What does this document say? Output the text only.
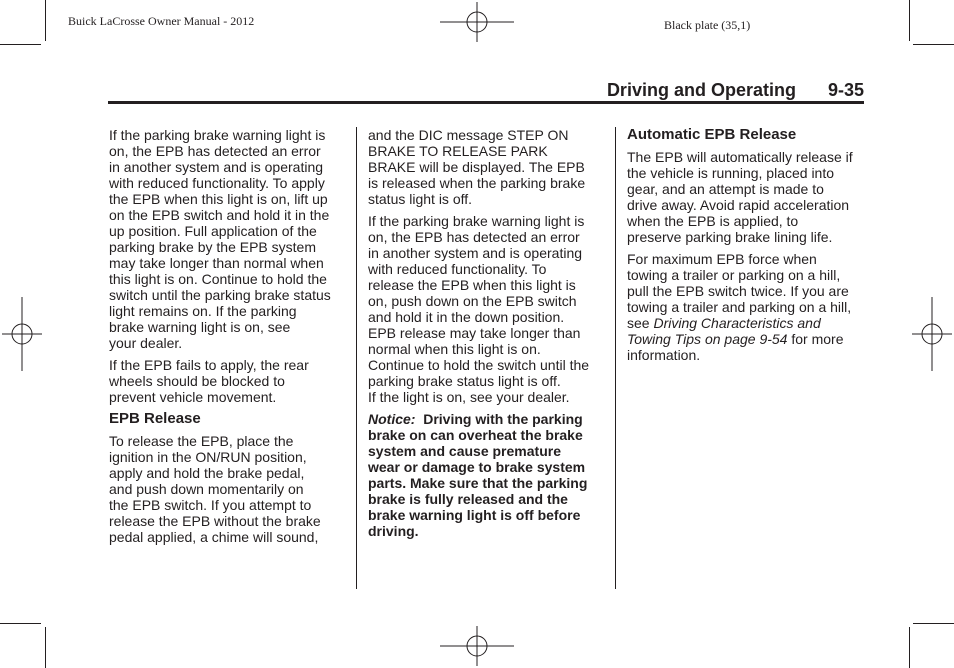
Buick LaCrosse Owner Manual - 2012	Black plate (35,1)
Driving and Operating 9-35

If the parking brake warning light is
on, the EPB has detected an error
in another system and is operating
with reduced functionality. To apply
the EPB when this light is on, lift up
on the EPB switch and hold it in the
up position. Full application of the
parking brake by the EPB system
may take longer than normal when
this light is on. Continue to hold the
switch until the parking brake status
light remains on. If the parking
brake warning light is on, see
your dealer.

If the EPB fails to apply, the rear
wheels should be blocked to
prevent vehicle movement.

EPB Release

To release the EPB, place the
ignition in the ON/RUN position,
apply and hold the brake pedal,
and push down momentarily on
the EPB switch. If you attempt to
release the EPB without the brake
pedal applied, a chime will sound,

and the DIC message STEP ON
BRAKE TO RELEASE PARK
BRAKE will be displayed. The EPB
is released when the parking brake
status light is off.

If the parking brake warning light is
on, the EPB has detected an error
in another system and is operating
with reduced functionality. To
release the EPB when this light is
on, push down on the EPB switch
and hold it in the down position.
EPB release may take longer than
normal when this light is on.
Continue to hold the switch until the
parking brake status light is off.
If the light is on, see your dealer.

Notice: Driving with the parking
brake on can overheat the brake
system and cause premature
wear or damage to brake system
parts. Make sure that the parking
brake is fully released and the
brake warning light is off before
driving.

Automatic EPB Release

The EPB will automatically release if
the vehicle is running, placed into
gear, and an attempt is made to
drive away. Avoid rapid acceleration
when the EPB is applied, to
preserve parking brake lining life.

For maximum EPB force when
towing a trailer or parking on a hill,
pull the EPB switch twice. If you are
towing a trailer and parking on a hill,
see Driving Characteristics and
Towing Tips on page 9-54 for more
information.
